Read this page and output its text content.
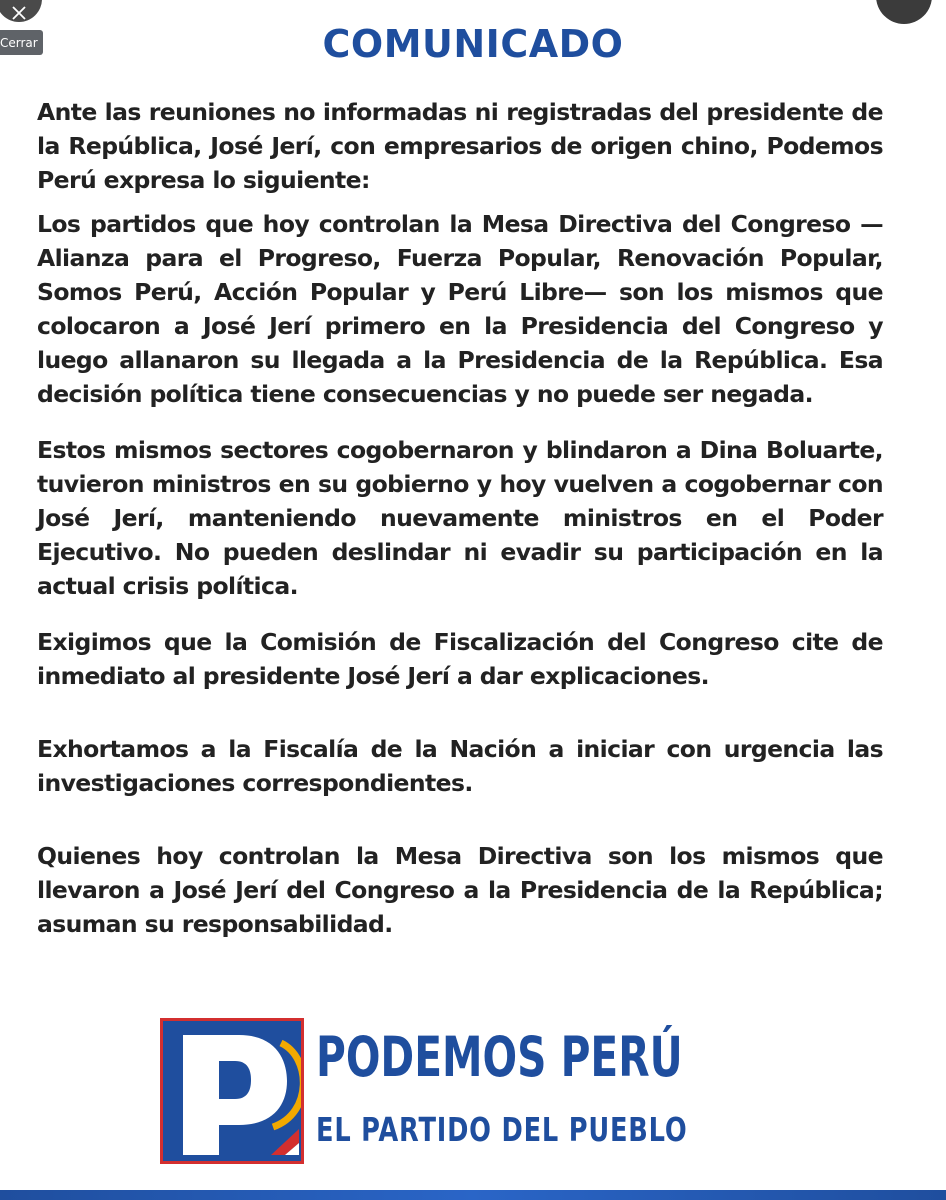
Cerrar	COMUNICADO

Ante las reuniones no informadas ni registradas del presidente de la República, José Jerí, con empresarios de origen chino, Podemos Perú expresa lo siguiente:

Los partidos que hoy controlan la Mesa Directiva del Congreso —Alianza para el Progreso, Fuerza Popular, Renovación Popular, Somos Perú, Acción Popular y Perú Libre— son los mismos que colocaron a José Jerí primero en la Presidencia del Congreso y luego allanaron su llegada a la Presidencia de la República. Esa decisión política tiene consecuencias y no puede ser negada.

Estos mismos sectores cogobernaron y blindaron a Dina Boluarte, tuvieron ministros en su gobierno y hoy vuelven a cogobernar con José Jerí, manteniendo nuevamente ministros en el Poder Ejecutivo. No pueden deslindar ni evadir su participación en la actual crisis política.

Exigimos que la Comisión de Fiscalización del Congreso cite de inmediato al presidente José Jerí a dar explicaciones.

Exhortamos a la Fiscalía de la Nación a iniciar con urgencia las investigaciones correspondientes.

Quienes hoy controlan la Mesa Directiva son los mismos que llevaron a José Jerí del Congreso a la Presidencia de la República; asuman su responsabilidad.

PODEMOS PERÚ
EL PARTIDO DEL PUEBLO
